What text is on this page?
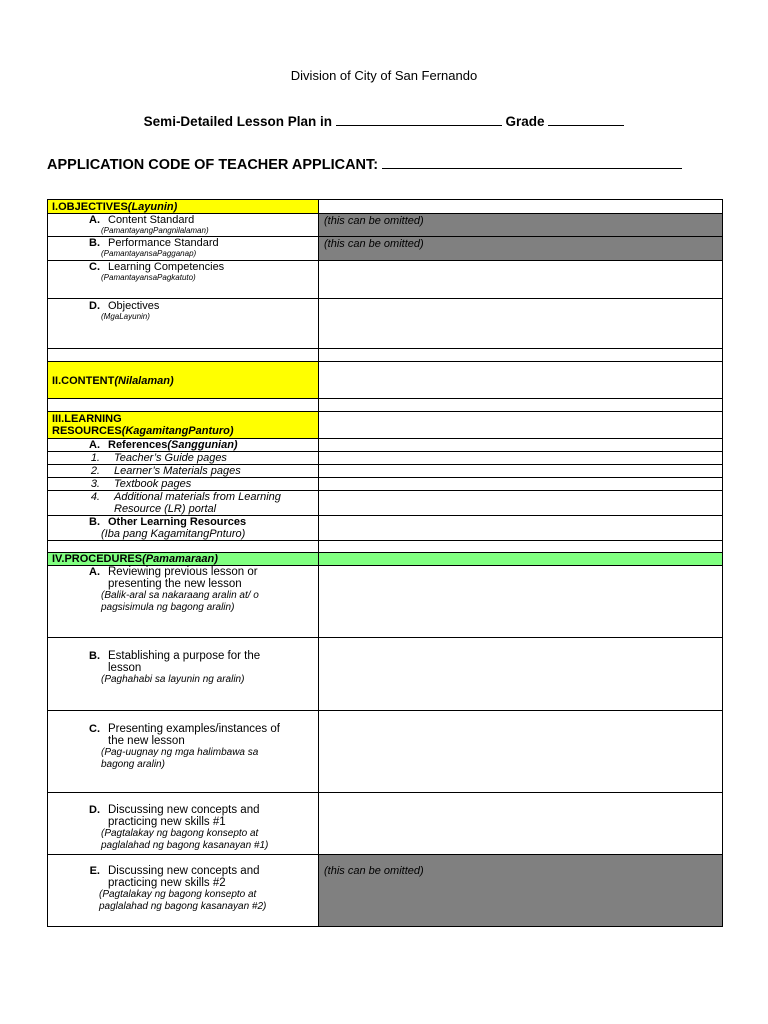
Division of City of San Fernando
Semi-Detailed Lesson Plan in	Grade
APPLICATION CODE OF TEACHER APPLICANT:
I.OBJECTIVES(Layunin)	

A. Content Standard
(PamantayangPangnilalaman)	(this can be omitted)

B. Performance Standard
(PamantayansaPagganap)	(this can be omitted)

C. Learning Competencies
(PamantayansaPagkatuto)	

D. Objectives
(MgaLayunin)	

II.CONTENT(Nilalaman)	

III.LEARNING
RESOURCES(KagamitangPanturo)	

A. References(Sanggunian)	

1. Teacher’s Guide pages	

2. Learner’s Materials pages	

3. Textbook pages	

4. Additional materials from Learning Resource (LR) portal	

B. Other Learning Resources
(Iba pang KagamitangPnturo)	

IV.PROCEDURES(Pamamaraan)	

A. Reviewing previous lesson or presenting the new lesson
(Balik-aral sa nakaraang aralin at/ o pagsisimula ng bagong aralin)	

B. Establishing a purpose for the lesson
(Paghahabi sa layunin ng aralin)	

C. Presenting examples/instances of the new lesson
(Pag-uugnay ng mga halimbawa sa bagong aralin)	

D. Discussing new concepts and practicing new skills #1
(Pagtalakay ng bagong konsepto at paglalahad ng bagong kasanayan #1)	

E. Discussing new concepts and practicing new skills #2
(Pagtalakay ng bagong konsepto at paglalahad ng bagong kasanayan #2)	(this can be omitted)
